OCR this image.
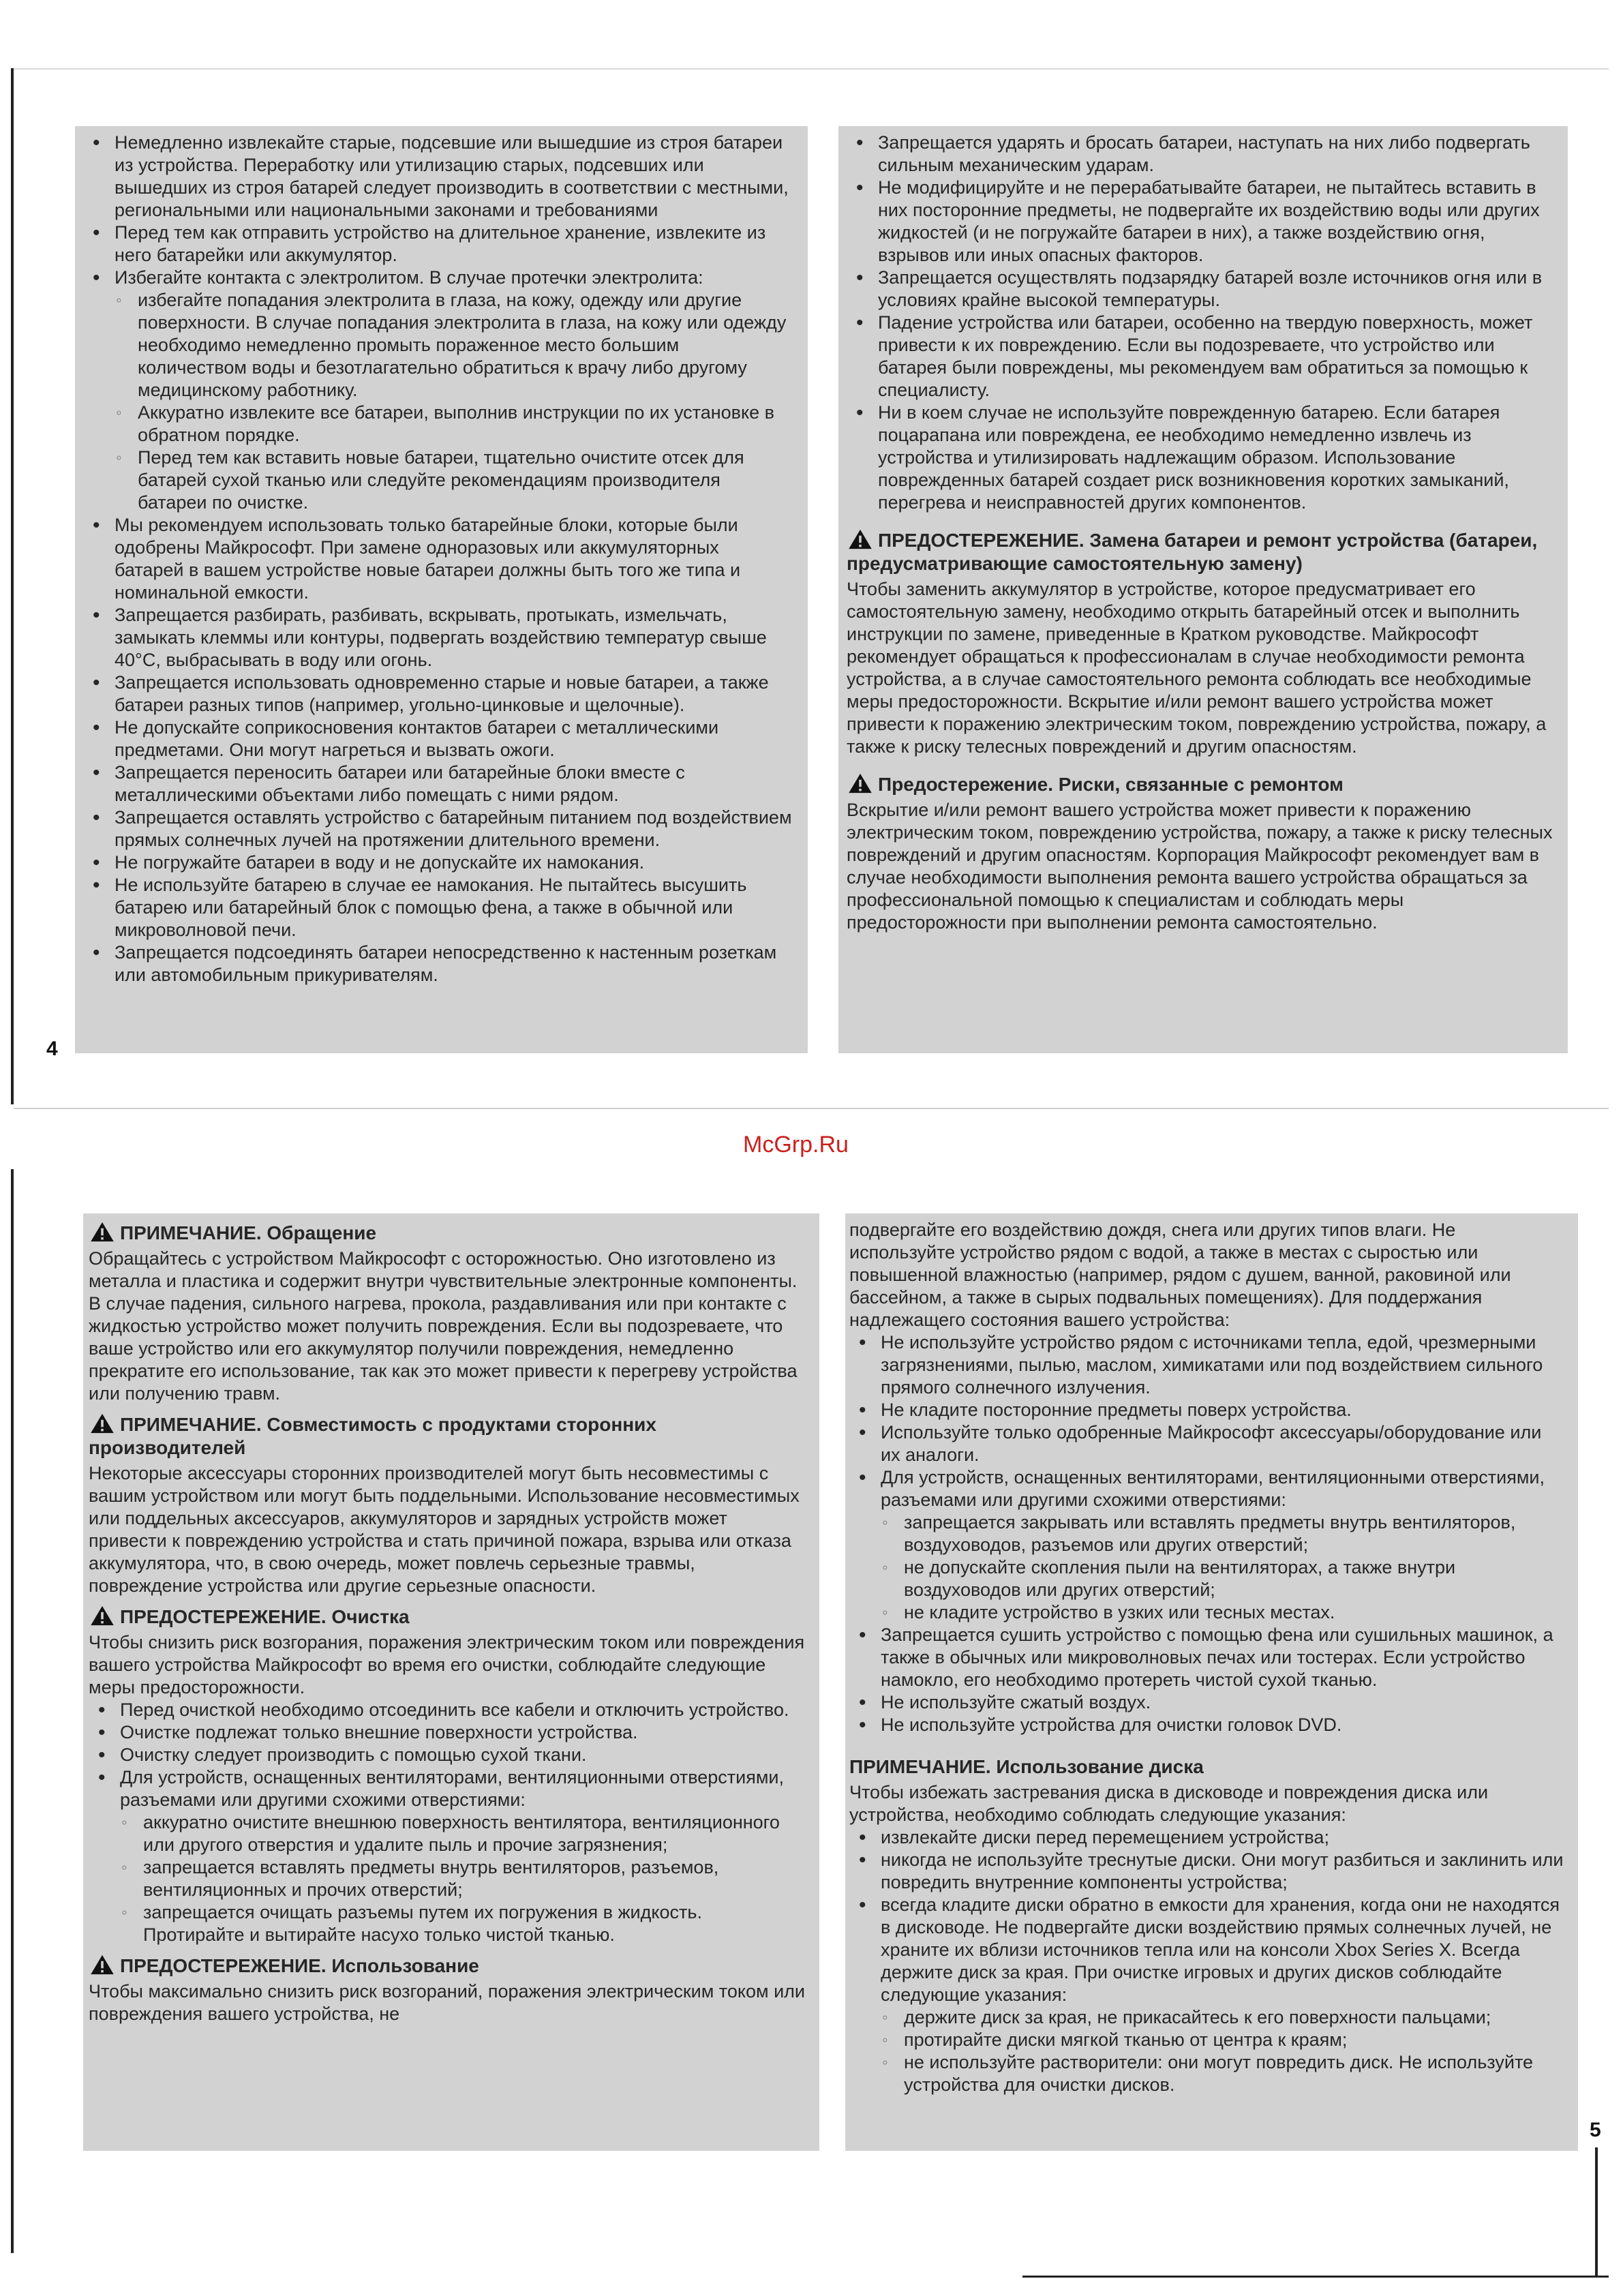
McGrp.Ru
• Немедленно извлекайте старые, подсевшие или вышедшие из строя батареи из устройства. Переработку или утилизацию старых, подсевших или вышедших из строя батарей следует производить в соответствии с местными, региональными или национальными законами и требованиями
• Перед тем как отправить устройство на длительное хранение, извлеките из него батарейки или аккумулятор.
• Избегайте контакта с электролитом. В случае протечки электролита:
◦ избегайте попадания электролита в глаза, на кожу, одежду или другие поверхности. В случае попадания электролита в глаза, на кожу или одежду необходимо немедленно промыть пораженное место большим количеством воды и безотлагательно обратиться к врачу либо другому медицинскому работнику.
◦ Аккуратно извлеките все батареи, выполнив инструкции по их установке в обратном порядке.
◦ Перед тем как вставить новые батареи, тщательно очистите отсек для батарей сухой тканью или следуйте рекомендациям производителя батареи по очистке.
• Мы рекомендуем использовать только батарейные блоки, которые были одобрены Майкрософт. При замене одноразовых или аккумуляторных батарей в вашем устройстве новые батареи должны быть того же типа и номинальной емкости.
• Запрещается разбирать, разбивать, вскрывать, протыкать, измельчать, замыкать клеммы или контуры, подвергать воздействию температур свыше 40°C, выбрасывать в воду или огонь.
• Запрещается использовать одновременно старые и новые батареи, а также батареи разных типов (например, угольно-цинковые и щелочные).
• Не допускайте соприкосновения контактов батареи с металлическими предметами. Они могут нагреться и вызвать ожоги.
• Запрещается переносить батареи или батарейные блоки вместе с металлическими объектами либо помещать с ними рядом.
• Запрещается оставлять устройство с батарейным питанием под воздействием прямых солнечных лучей на протяжении длительного времени.
• Не погружайте батареи в воду и не допускайте их намокания.
• Не используйте батарею в случае ее намокания. Не пытайтесь высушить батарею или батарейный блок с помощью фена, а также в обычной или микроволновой печи.
• Запрещается подсоединять батареи непосредственно к настенным розеткам или автомобильным прикуривателям.
• Запрещается ударять и бросать батареи, наступать на них либо подвергать сильным механическим ударам.
• Не модифицируйте и не перерабатывайте батареи, не пытайтесь вставить в них посторонние предметы, не подвергайте их воздействию воды или других жидкостей (и не погружайте батареи в них), а также воздействию огня, взрывов или иных опасных факторов.
• Запрещается осуществлять подзарядку батарей возле источников огня или в условиях крайне высокой температуры.
• Падение устройства или батареи, особенно на твердую поверхность, может привести к их повреждению. Если вы подозреваете, что устройство или батарея были повреждены, мы рекомендуем вам обратиться за помощью к специалисту.
• Ни в коем случае не используйте поврежденную батарею. Если батарея поцарапана или повреждена, ее необходимо немедленно извлечь из устройства и утилизировать надлежащим образом. Использование поврежденных батарей создает риск возникновения коротких замыканий, перегрева и неисправностей других компонентов.
ПРЕДОСТЕРЕЖЕНИЕ. Замена батареи и ремонт устройства (батареи, предусматривающие самостоятельную замену)

Чтобы заменить аккумулятор в устройстве, которое предусматривает его самостоятельную замену, необходимо открыть батарейный отсек и выполнить инструкции по замене, приведенные в Кратком руководстве. Майкрософт рекомендует обращаться к профессионалам в случае необходимости ремонта устройства, а в случае самостоятельного ремонта соблюдать все необходимые меры предосторожности. Вскрытие и/или ремонт вашего устройства может привести к поражению электрическим током, повреждению устройства, пожару, а также к риску телесных повреждений и другим опасностям.

Предостережение. Риски, связанные с ремонтом

Вскрытие и/или ремонт вашего устройства может привести к поражению электрическим током, повреждению устройства, пожару, а также к риску телесных повреждений и другим опасностям. Корпорация Майкрософт рекомендует вам в случае необходимости выполнения ремонта вашего устройства обращаться за профессиональной помощью к специалистам и соблюдать меры предосторожности при выполнении ремонта самостоятельно.

4
ПРИМЕЧАНИЕ. Обращение

Обращайтесь с устройством Майкрософт с осторожностью. Оно изготовлено из металла и пластика и содержит внутри чувствительные электронные компоненты. В случае падения, сильного нагрева, прокола, раздавливания или при контакте с жидкостью устройство может получить повреждения. Если вы подозреваете, что ваше устройство или его аккумулятор получили повреждения, немедленно прекратите его использование, так как это может привести к перегреву устройства или получению травм.

ПРИМЕЧАНИЕ. Совместимость с продуктами сторонних производителей

Некоторые аксессуары сторонних производителей могут быть несовместимы с вашим устройством или могут быть поддельными. Использование несовместимых или поддельных аксессуаров, аккумуляторов и зарядных устройств может привести к повреждению устройства и стать причиной пожара, взрыва или отказа аккумулятора, что, в свою очередь, может повлечь серьезные травмы, повреждение устройства или другие серьезные опасности.

ПРЕДОСТЕРЕЖЕНИЕ. Очистка

Чтобы снизить риск возгорания, поражения электрическим током или повреждения вашего устройства Майкрософт во время его очистки, соблюдайте следующие меры предосторожности.

• Перед очисткой необходимо отсоединить все кабели и отключить устройство.
• Очистке подлежат только внешние поверхности устройства.
• Очистку следует производить с помощью сухой ткани.
• Для устройств, оснащенных вентиляторами, вентиляционными отверстиями, разъемами или другими схожими отверстиями:
◦ аккуратно очистите внешнюю поверхность вентилятора, вентиляционного или другого отверстия и удалите пыль и прочие загрязнения;
◦ запрещается вставлять предметы внутрь вентиляторов, разъемов, вентиляционных и прочих отверстий;
◦ запрещается очищать разъемы путем их погружения в жидкость. Протирайте и вытирайте насухо только чистой тканью.
ПРЕДОСТЕРЕЖЕНИЕ. Использование

Чтобы максимально снизить риск возгораний, поражения электрическим током или повреждения вашего устройства, не

подвергайте его воздействию дождя, снега или других типов влаги. Не используйте устройство рядом с водой, а также в местах с сыростью или повышенной влажностью (например, рядом с душем, ванной, раковиной или бассейном, а также в сырых подвальных помещениях). Для поддержания надлежащего состояния вашего устройства:

• Не используйте устройство рядом с источниками тепла, едой, чрезмерными загрязнениями, пылью, маслом, химикатами или под воздействием сильного прямого солнечного излучения.
• Не кладите посторонние предметы поверх устройства.
• Используйте только одобренные Майкрософт аксессуары/оборудование или их аналоги.
• Для устройств, оснащенных вентиляторами, вентиляционными отверстиями, разъемами или другими схожими отверстиями:
◦ запрещается закрывать или вставлять предметы внутрь вентиляторов, воздуховодов, разъемов или других отверстий;
◦ не допускайте скопления пыли на вентиляторах, а также внутри воздуховодов или других отверстий;
◦ не кладите устройство в узких или тесных местах.
• Запрещается сушить устройство с помощью фена или сушильных машинок, а также в обычных или микроволновых печах или тостерах. Если устройство намокло, его необходимо протереть чистой сухой тканью.
• Не используйте сжатый воздух.
• Не используйте устройства для очистки головок DVD.
ПРИМЕЧАНИЕ. Использование диска

Чтобы избежать застревания диска в дисководе и повреждения диска или устройства, необходимо соблюдать следующие указания:

• извлекайте диски перед перемещением устройства;
• никогда не используйте треснутые диски. Они могут разбиться и заклинить или повредить внутренние компоненты устройства;
• всегда кладите диски обратно в емкости для хранения, когда они не находятся в дисководе. Не подвергайте диски воздействию прямых солнечных лучей, не храните их вблизи источников тепла или на консоли Xbox Series X. Всегда держите диск за края. При очистке игровых и других дисков соблюдайте следующие указания:
◦ держите диск за края, не прикасайтесь к его поверхности пальцами;
◦ протирайте диски мягкой тканью от центра к краям;
◦ не используйте растворители: они могут повредить диск. Не используйте устройства для очистки дисков.
5
